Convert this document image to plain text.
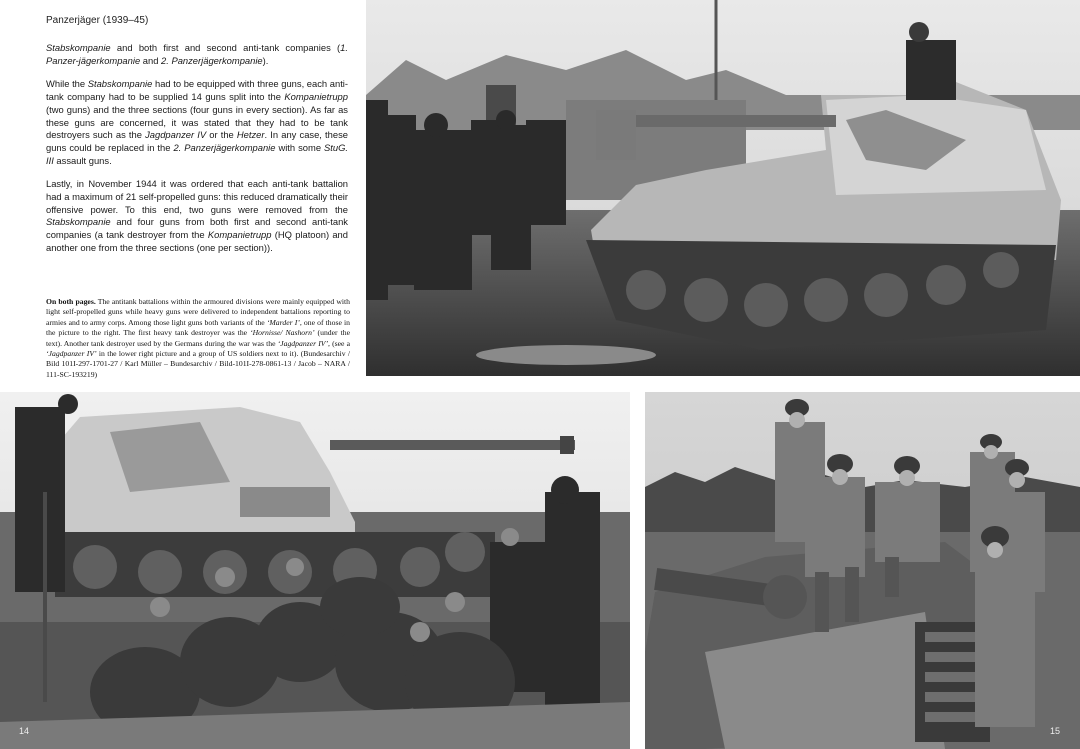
Panzerjäger (1939–45)

Stabskompanie and both first and second anti-tank companies (1. Panzer-jägerkompanie and 2. Panzerjägerkompanie).

While the Stabskompanie had to be equipped with three guns, each anti-tank company had to be supplied 14 guns split into the Kompanietrupp (two guns) and the three sections (four guns in every section). As far as these guns are concerned, it was stated that they had to be tank destroyers such as the Jagdpanzer IV or the Hetzer. In any case, these guns could be replaced in the 2. Panzerjägerkompanie with some StuG. III assault guns.

Lastly, in November 1944 it was ordered that each anti-tank battalion had a maximum of 21 self-propelled guns: this reduced dramatically their offensive power. To this end, two guns were removed from the Stabskompanie and four guns from both first and second anti-tank companies (a tank destroyer from the Kompanietrupp (HQ platoon) and another one from the three sections (one per section)).

On both pages. The antitank battalions within the armoured divisions were mainly equipped with light self-propelled guns while heavy guns were delivered to independent battalions reporting to armies and to army corps. Among those light guns both variants of the ‘Marder I’, one of those in the picture to the right. The first heavy tank destroyer was the ‘Hornisse/ Nashorn’ (under the text). Another tank destroyer used by the Germans during the war was the ‘Jagdpanzer IV’, (see a ‘Jagdpanzer IV’ in the lower right picture and a group of US soldiers next to it). (Bundesarchiv / Bild 101I-297-1701-27 / Karl Müller – Bundesarchiv / Bild-101I-278-0861-13 / Jacob – NARA / 111-SC-193219)
14	15
